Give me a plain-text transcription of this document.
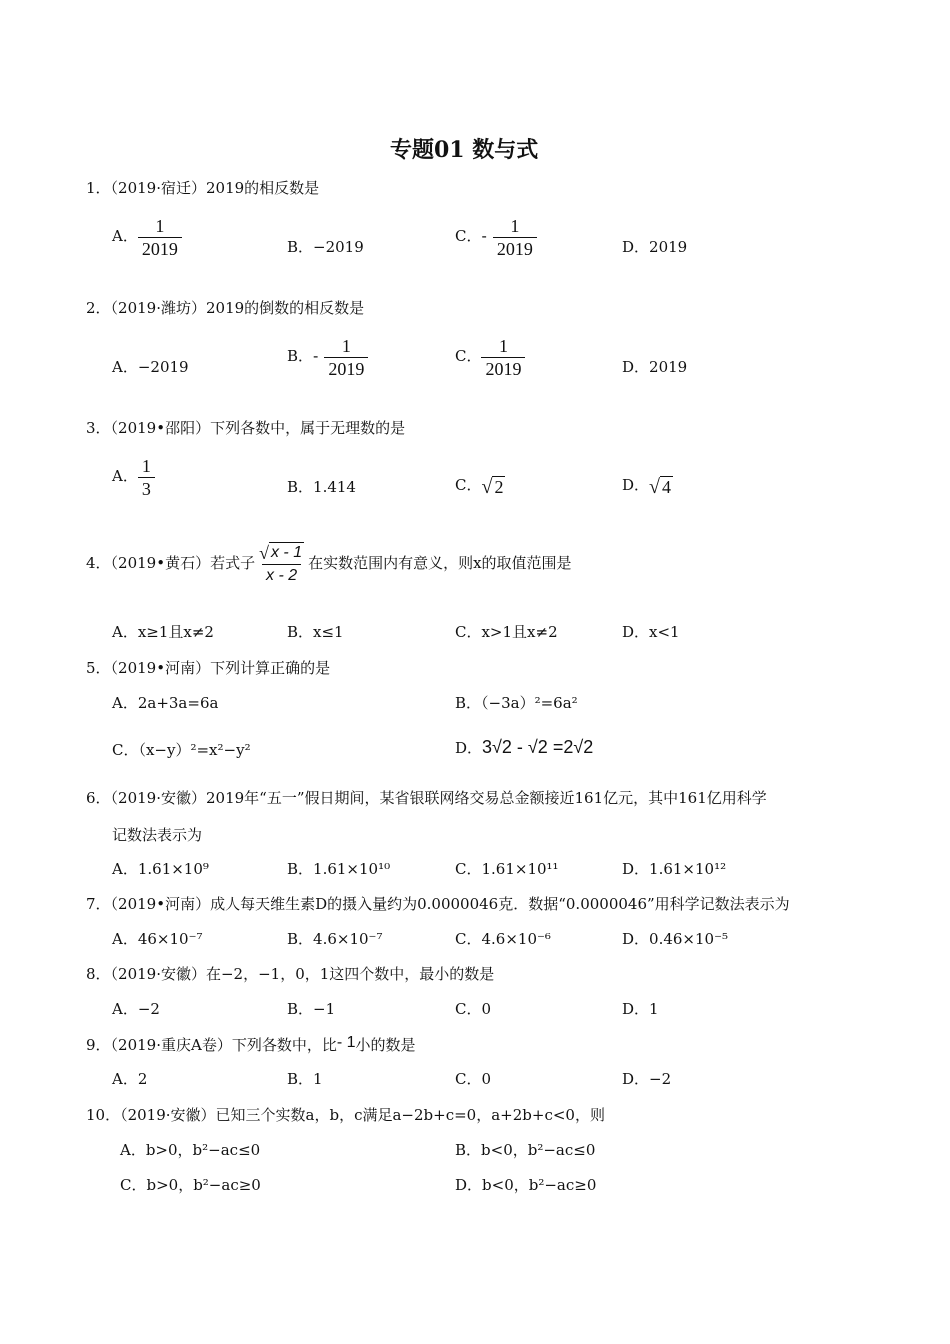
专题01 数与式
1．（2019·宿迁）2019的相反数是
A． $\frac{1}{2019}$	B．−2019
C．- $\frac{1}{2019}$	D．2019
2．（2019·潍坊）2019的倒数的相反数是
A．−2019
B．- $\frac{1}{2019}$	C． $\frac{1}{2019}$	D．2019
3．（2019•邵阳）下列各数中，属于无理数的是
A． $\frac{1}{3}$	B．1.414	C． √ 2	D． √ 4
4．（2019•黄石）若式子 $\frac{√ x - 1}{x - 2}$ 在实数范围内有意义，则x的取值范围是
A．x≥1且x≠2	B．x≤1	C．x>1且x≠2	D．x<1
5．（2019•河南）下列计算正确的是
A．2a+3a=6a	B．（−3a）²=6a²
C．（x−y）²=x²−y²	D．3√2 - √2 =2√2
6．（2019·安徽）2019年“五一”假日期间，某省银联网络交易总金额接近161亿元，其中161亿用科学
记数法表示为
A．1.61×10⁹	B．1.61×10¹⁰	C．1.61×10¹¹	D．1.61×10¹²
7．（2019•河南）成人每天维生素D的摄入量约为0.0000046克．数据“0.0000046”用科学记数法表示为
A．46×10⁻⁷	B．4.6×10⁻⁷	C．4.6×10⁻⁶	D．0.46×10⁻⁵
8．（2019·安徽）在−2，−1，0，1这四个数中，最小的数是
A．−2	B．−1	C．0	D．1
9．（2019·重庆A卷）下列各数中，比- 1小的数是
A．2	B．1	C．0	D．−2
10．（2019·安徽）已知三个实数a，b，c满足a−2b+c=0，a+2b+c<0，则
A．b>0，b²−ac≤0	B．b<0，b²−ac≤0
C．b>0，b²−ac≥0	D．b<0，b²−ac≥0
